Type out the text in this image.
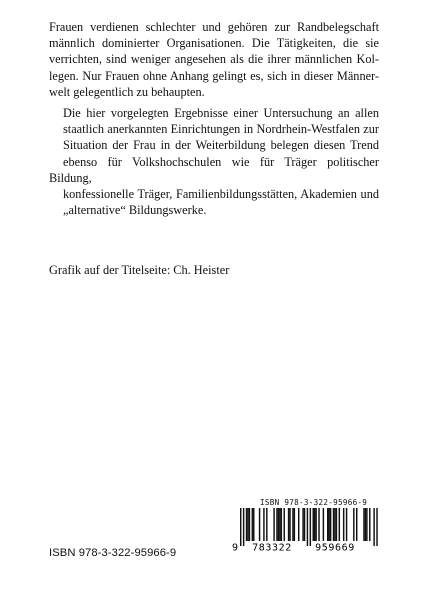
Frauen verdienen schlechter und gehören zur Randbelegschaft
männlich dominierter Organisationen. Die Tätigkeiten, die sie
verrichten, sind weniger angesehen als die ihrer männlichen Kol-
legen. Nur Frauen ohne Anhang gelingt es, sich in dieser Männer-
welt gelegentlich zu behaupten.

Die hier vorgelegten Ergebnisse einer Untersuchung an allen
staatlich anerkannten Einrichtungen in Nordrhein-Westfalen zur
Situation der Frau in der Weiterbildung belegen diesen Trend
ebenso für Volkshochschulen wie für Träger politischer Bildung,
konfessionelle Träger, Familienbildungsstätten, Akademien und
„alternative“ Bildungswerke.

Grafik auf der Titelseite: Ch. Heister
ISBN 978-3-322-95966-9
9 783322 959669
ISBN 978-3-322-95966-9
